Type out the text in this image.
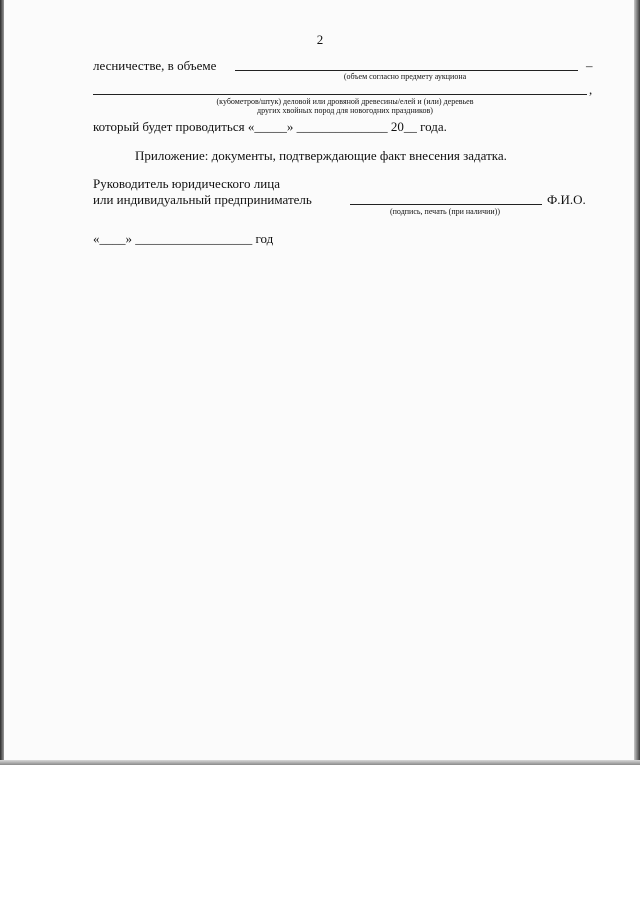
2
лесничестве, в объеме	–
(объем согласно предмету аукциона
,
(кубометров/штук) деловой или дровяной древесины/елей и (или) деревьев
других хвойных пород для новогодних праздников)
который будет проводиться «_____» ______________ 20__ года.
Приложение: документы, подтверждающие факт внесения задатка.
Руководитель юридического лица
или индивидуальный предприниматель	Ф.И.О.
(подпись, печать (при наличии))
«____» __________________ год
